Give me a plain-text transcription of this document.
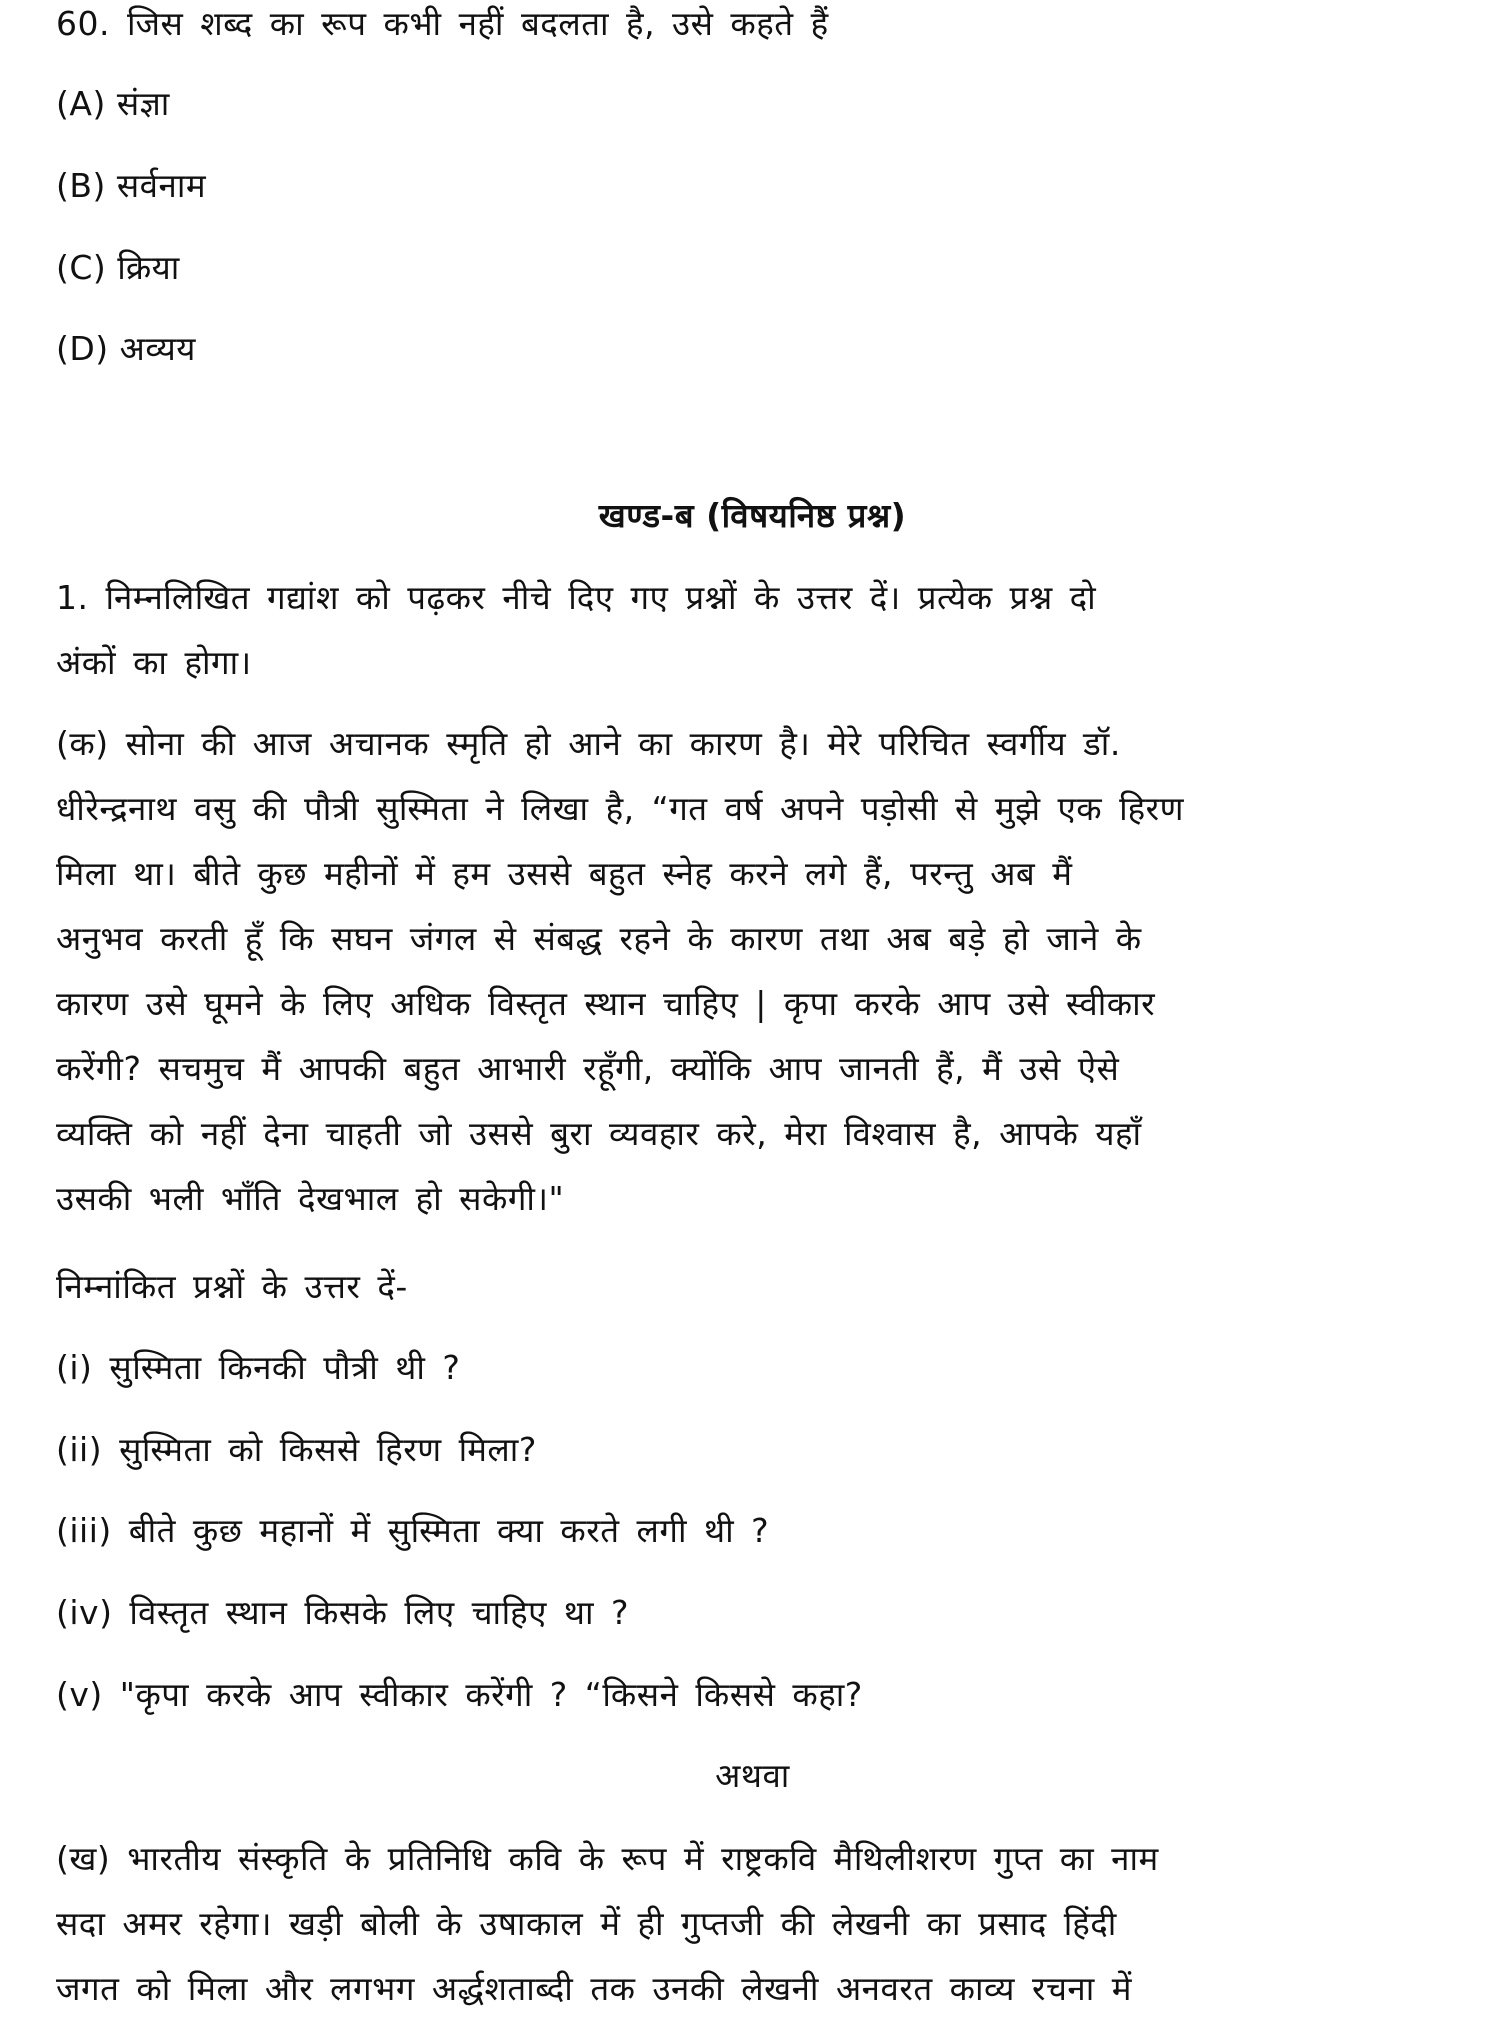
60. जिस शब्द का रूप कभी नहीं बदलता है, उसे कहते हैं
(A) संज्ञा
(B) सर्वनाम
(C) क्रिया
(D) अव्यय
खण्ड-ब (विषयनिष्ठ प्रश्न)
1. निम्नलिखित गद्यांश को पढ़कर नीचे दिए गए प्रश्नों के उत्तर दें। प्रत्येक प्रश्न दो
अंकों का होगा।
(क) सोना की आज अचानक स्मृति हो आने का कारण है। मेरे परिचित स्वर्गीय डॉ.
धीरेन्द्रनाथ वसु की पौत्री सुस्मिता ने लिखा है, “गत वर्ष अपने पड़ोसी से मुझे एक हिरण
मिला था। बीते कुछ महीनों में हम उससे बहुत स्नेह करने लगे हैं, परन्तु अब मैं
अनुभव करती हूँ कि सघन जंगल से संबद्ध रहने के कारण तथा अब बड़े हो जाने के
कारण उसे घूमने के लिए अधिक विस्तृत स्थान चाहिए | कृपा करके आप उसे स्वीकार
करेंगी? सचमुच मैं आपकी बहुत आभारी रहूँगी, क्योंकि आप जानती हैं, मैं उसे ऐसे
व्यक्ति को नहीं देना चाहती जो उससे बुरा व्यवहार करे, मेरा विश्वास है, आपके यहाँ
उसकी भली भाँति देखभाल हो सकेगी।"
निम्नांकित प्रश्नों के उत्तर दें-
(i) सुस्मिता किनकी पौत्री थी ?
(ii) सुस्मिता को किससे हिरण मिला?
(iii) बीते कुछ महानों में सुस्मिता क्या करते लगी थी ?
(iv) विस्तृत स्थान किसके लिए चाहिए था ?
(v) "कृपा करके आप स्वीकार करेंगी ? “किसने किससे कहा?
अथवा
(ख) भारतीय संस्कृति के प्रतिनिधि कवि के रूप में राष्ट्रकवि मैथिलीशरण गुप्त का नाम
सदा अमर रहेगा। खड़ी बोली के उषाकाल में ही गुप्तजी की लेखनी का प्रसाद हिंदी
जगत को मिला और लगभग अर्द्धशताब्दी तक उनकी लेखनी अनवरत काव्य रचना में
